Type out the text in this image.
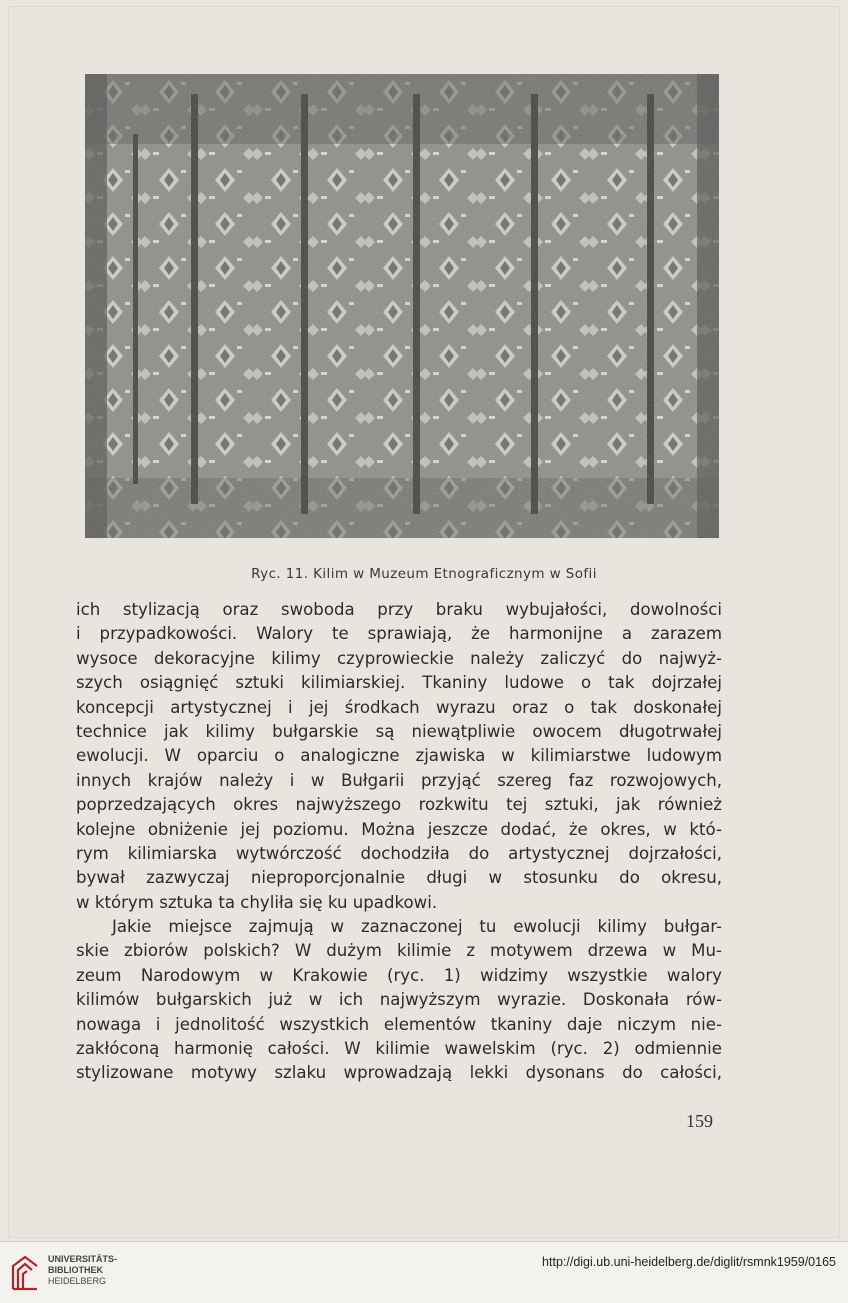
Ryc. 11. Kilim w Muzeum Etnograficznym w Sofii
ich stylizacją oraz swoboda przy braku wybujałości, dowolności
i przypadkowości. Walory te sprawiają, że harmonijne a zarazem
wysoce dekoracyjne kilimy czyprowieckie należy zaliczyć do najwyż-
szych osiągnięć sztuki kilimiarskiej. Tkaniny ludowe o tak dojrzałej
koncepcji artystycznej i jej środkach wyrazu oraz o tak doskonałej
technice jak kilimy bułgarskie są niewątpliwie owocem długotrwałej
ewolucji. W oparciu o analogiczne zjawiska w kilimiarstwe ludowym
innych krajów należy i w Bułgarii przyjąć szereg faz rozwojowych,
poprzedzających okres najwyższego rozkwitu tej sztuki, jak również
kolejne obniżenie jej poziomu. Można jeszcze dodać, że okres, w któ-
rym kilimiarska wytwórczość dochodziła do artystycznej dojrzałości,
bywał zazwyczaj nieproporcjonalnie długi w stosunku do okresu,
w którym sztuka ta chyliła się ku upadkowi.
Jakie miejsce zajmują w zaznaczonej tu ewolucji kilimy bułgar-
skie zbiorów polskich? W dużym kilimie z motywem drzewa w Mu-
zeum Narodowym w Krakowie (ryc. 1) widzimy wszystkie walory
kilimów bułgarskich już w ich najwyższym wyrazie. Doskonała rów-
nowaga i jednolitość wszystkich elementów tkaniny daje niczym nie-
zakłóconą harmonię całości. W kilimie wawelskim (ryc. 2) odmiennie
stylizowane motywy szlaku wprowadzają lekki dysonans do całości,
159
UNIVERSITÄTS-
BIBLIOTHEK
HEIDELBERG
http://digi.ub.uni-heidelberg.de/diglit/rsmnk1959/0165
